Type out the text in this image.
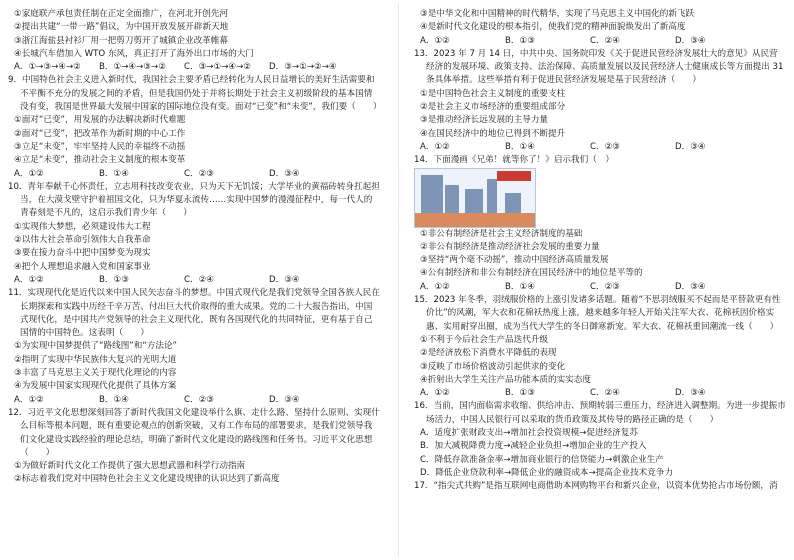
①家庭联产承包责任制在正定全面推广，在河北开创先河
②提出共建“一带一路”倡议，为中国开放发展开辟新天地
③浙江海盐县衬衫厂用一把剪刀剪开了城镇企业改革帷幕
④长城汽车借加入 WTO 东风，真正打开了海外出口市场的大门
A．①→③→④→② B．①→④→③→② C．③→①→④→② D．③→①→②→④
9．中国特色社会主义进入新时代，我国社会主要矛盾已经转化为人民日益增长的美好生活需要和不平衡不充分的发展之间的矛盾，但是我国仍处于并将长期处于社会主义初级阶段的基本国情没有变，我国是世界最大发展中国家的国际地位没有变。面对“已变”和“未变”，我们要（　　）
①面对“已变”，用发展的办法解决新时代难题
②面对“已变”，把改革作为新时期的中心工作
③立足“未变”，牢牢坚持人民的幸福终不动摇
④立足“未变”，推动社会主义制度的根本变革
A．①②	B．①④	C．②③	D．③④
10．青年奉献千心怀责任，立志用科技改变农业，只为天下无饥馁；大学毕业的黄福砖转身扛起担当，在大漠戈壁守护着祖国文化，只为华夏永流传……实现中国梦的漫漫征程中，每一代人的青春刻是不凡的，这启示我们青少年（　　）
①实现伟大梦想，必须建设伟大工程
②以伟大社会革命引领伟大自我革命
③要在接力奋斗中把中国梦变为现实
④把个人理想追求融入党和国家事业
A．①②	B．①③	C．②④	D．③④
11．实现现代化是近代以来中国人民矢志奋斗的梦想。中国式现代化是我们党领导全国各族人民在长期探索和实践中历经千辛万苦、付出巨大代价取得的重大成果。党的二十大报告指出，中国式现代化，是中国共产党领导的社会主义现代化，既有各国现代化的共同特征，更有基于自己国情的中国特色。这表明（　　）
①为实现中国梦提供了“路线图”和“方法论”
②指明了实现中华民族伟大复兴的光明大道
③丰富了马克思主义关于现代化理论的内容
④为发展中国家实现现代化提供了具体方案
A．①②	B．①④	C．②③	D．③④
12．习近平文化思想深刻回答了新时代我国文化建设举什么旗、走什么路、坚持什么原则、实现什么目标等根本问题，既有重要论观点的创新突破，又有工作布局的部署要求，是我们党领导我们文化建设实践经验的理论总结，明确了新时代文化建设的路线图和任务书。习近平文化思想（　　）
①为做好新时代文化工作提供了强大思想武器和科学行动指南
②标志着我们党对中国特色社会主义文化建设规律的认识达到了新高度
③是中华文化和中国精神的时代精华，实现了马克思主义中国化的新飞跃
④是新时代文化建设的根本指引，使我们党的精神面貌焕发出了新高度
A．①②	B．①③	C．②④	D．③④
13．2023 年 7 月 14 日，中共中央、国务院印发《关于促进民营经济发展壮大的意见》从民营经济的发展环境、政策支持、法治保障、高质量发展以及民营经济人士健康成长等方面提出 31 条具体举措。这些举措有利于促进民营经济发展是基于民营经济（　　）
①是中国特色社会主义制度的重要支柱
②是社会主义市场经济的重要组成部分
③是推动经济长远发展的主导力量
④在国民经济中的地位已得到不断提升
A．①②	B．①④	C．②③	D．③④
14．下面漫画《兄弟！就等你了！》启示我们（　）
①非公有制经济是社会主义经济制度的基础
②非公有制经济是推动经济社会发展的重要力量
③坚持“两个毫不动摇”，推动中国经济高质量发展
④公有制经济和非公有制经济在国民经济中的地位是平等的
A．①②	B．①④	C．②③	D．③④
15．2023 年冬季，羽绒服价格的上涨引发诸多话题。随着“不思羽绒服买不起而是平替款更有性价比”的风潮，军大衣和花棉袄热度上涨，越来越多年轻人开始关注军大衣、花棉袄因价格实惠、实用耐穿出圈，成为当代大学生的冬日御寒新宠。军大衣、花棉袄重回潮流一线（　　）
①不利于今后社会生产品迭代升级
②是经济放松下消费水平降低的表现
③反映了市场价格波动引起供求的变化
④折射出大学生关注产品功能本质的实实态度
A．①②	B．①③	C．②④	D．③④
16．当前，国内面临需求收缩、供给冲击、预期转弱三重压力，经济进入调整期。为进一步提振市场活力，中国人民银行可以采取的货币政策及其传导的路径正确的是（　　）
A．适度扩张财政支出→增加社会投资规模→促进经济复苏
B．加大减税降费力度→减轻企业负担→增加企业的生产投入
C．降低存款准备金率→增加商业银行的信贷能力→刺激企业生产
D．降低企业贷款利率→降低企业的融资成本→提高企业技术竞争力
17．“指尖式共购”是指互联网电商借助本网购物平台和新兴企业，以资本优势抢占市场份额，消
